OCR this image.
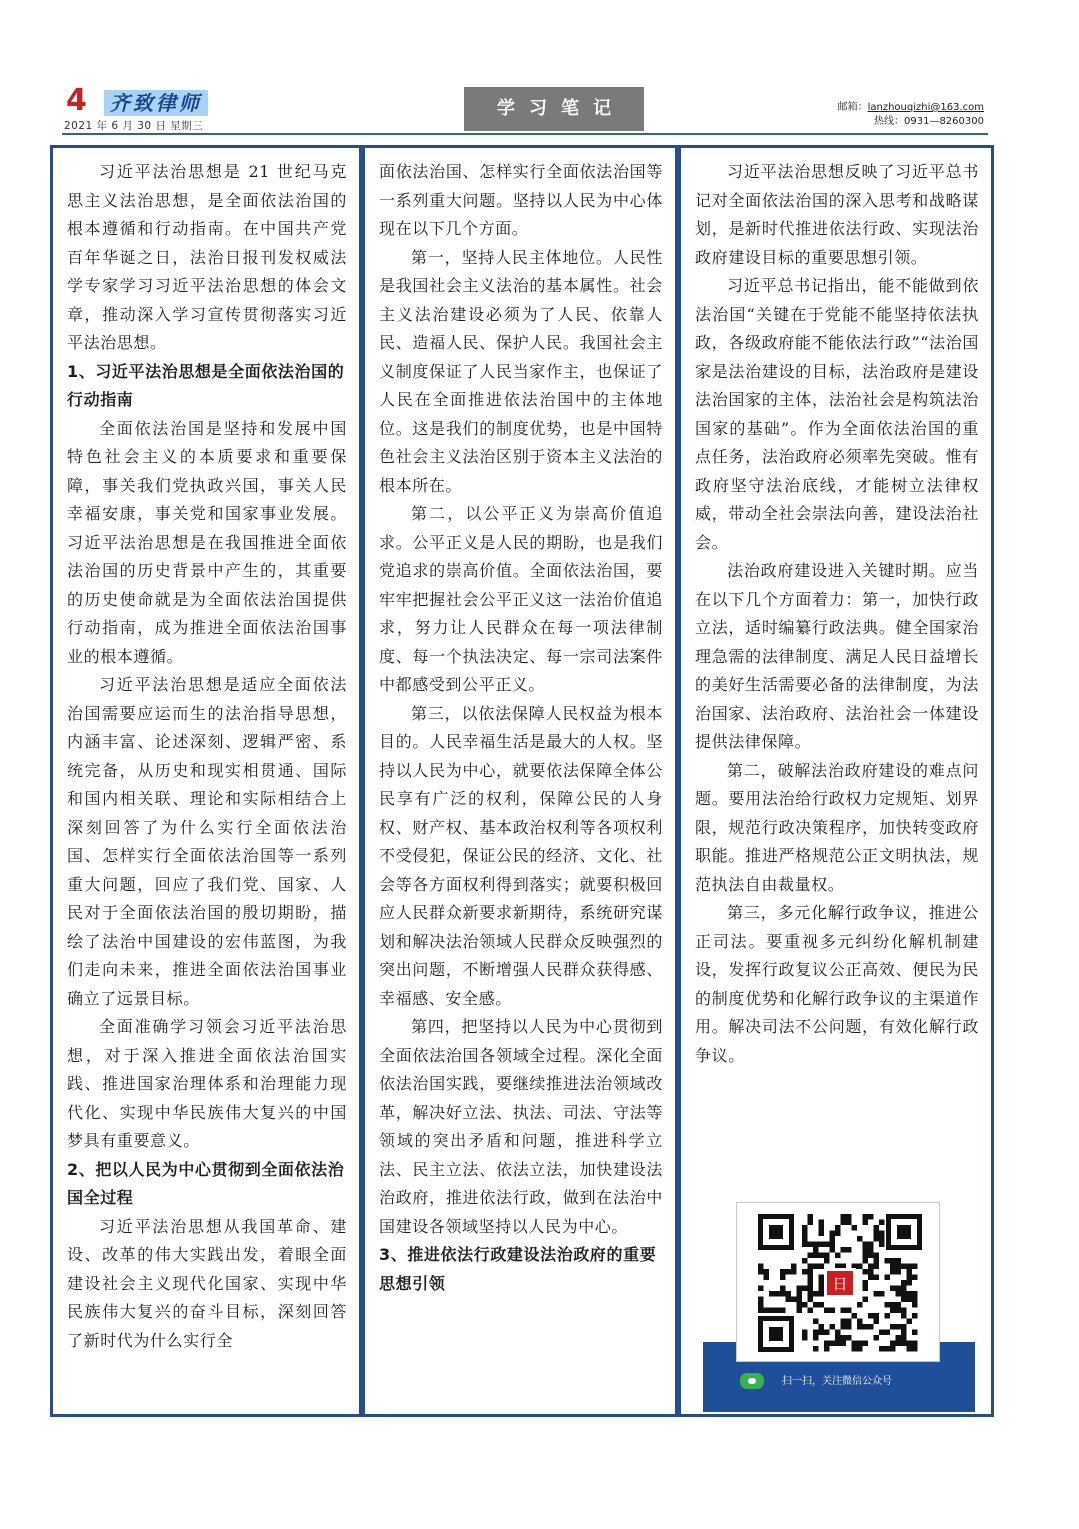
4	齐致律师
2021 年 6 月 30 日 星期三
学习笔记	邮箱：lanzhouqizhi@163.com
热线：0931—8260300

习近平法治思想是 21 世纪马克思主义法治思想，是全面依法治国的根本遵循和行动指南。在中国共产党百年华诞之日，法治日报刊发权威法学专家学习习近平法治思想的体会文章，推动深入学习宣传贯彻落实习近平法治思想。

1、习近平法治思想是全面依法治国的行动指南

全面依法治国是坚持和发展中国特色社会主义的本质要求和重要保障，事关我们党执政兴国，事关人民幸福安康，事关党和国家事业发展。习近平法治思想是在我国推进全面依法治国的历史背景中产生的，其重要的历史使命就是为全面依法治国提供行动指南，成为推进全面依法治国事业的根本遵循。

习近平法治思想是适应全面依法治国需要应运而生的法治指导思想，内涵丰富、论述深刻、逻辑严密、系统完备，从历史和现实相贯通、国际和国内相关联、理论和实际相结合上深刻回答了为什么实行全面依法治国、怎样实行全面依法治国等一系列重大问题，回应了我们党、国家、人民对于全面依法治国的殷切期盼，描绘了法治中国建设的宏伟蓝图，为我们走向未来，推进全面依法治国事业确立了远景目标。

全面准确学习领会习近平法治思想，对于深入推进全面依法治国实践、推进国家治理体系和治理能力现代化、实现中华民族伟大复兴的中国梦具有重要意义。

2、把以人民为中心贯彻到全面依法治国全过程

习近平法治思想从我国革命、建设、改革的伟大实践出发，着眼全面建设社会主义现代化国家、实现中华民族伟大复兴的奋斗目标，深刻回答了新时代为什么实行全

面依法治国、怎样实行全面依法治国等一系列重大问题。坚持以人民为中心体现在以下几个方面。

第一，坚持人民主体地位。人民性是我国社会主义法治的基本属性。社会主义法治建设必须为了人民、依靠人民、造福人民、保护人民。我国社会主义制度保证了人民当家作主，也保证了人民在全面推进依法治国中的主体地位。这是我们的制度优势，也是中国特色社会主义法治区别于资本主义法治的根本所在。

第二，以公平正义为崇高价值追求。公平正义是人民的期盼，也是我们党追求的崇高价值。全面依法治国，要牢牢把握社会公平正义这一法治价值追求，努力让人民群众在每一项法律制度、每一个执法决定、每一宗司法案件中都感受到公平正义。

第三，以依法保障人民权益为根本目的。人民幸福生活是最大的人权。坚持以人民为中心，就要依法保障全体公民享有广泛的权利，保障公民的人身权、财产权、基本政治权利等各项权利不受侵犯，保证公民的经济、文化、社会等各方面权利得到落实；就要积极回应人民群众新要求新期待，系统研究谋划和解决法治领域人民群众反映强烈的突出问题，不断增强人民群众获得感、幸福感、安全感。

第四，把坚持以人民为中心贯彻到全面依法治国各领域全过程。深化全面依法治国实践，要继续推进法治领域改革，解决好立法、执法、司法、守法等领域的突出矛盾和问题，推进科学立法、民主立法、依法立法，加快建设法治政府，推进依法行政，做到在法治中国建设各领域坚持以人民为中心。

3、推进依法行政建设法治政府的重要思想引领

习近平法治思想反映了习近平总书记对全面依法治国的深入思考和战略谋划，是新时代推进依法行政、实现法治政府建设目标的重要思想引领。

习近平总书记指出，能不能做到依法治国“关键在于党能不能坚持依法执政，各级政府能不能依法行政”“法治国家是法治建设的目标，法治政府是建设法治国家的主体，法治社会是构筑法治国家的基础”。作为全面依法治国的重点任务，法治政府必须率先突破。惟有政府坚守法治底线，才能树立法律权威，带动全社会崇法向善，建设法治社会。

法治政府建设进入关键时期。应当在以下几个方面着力：第一，加快行政立法，适时编纂行政法典。健全国家治理急需的法律制度、满足人民日益增长的美好生活需要必备的法律制度，为法治国家、法治政府、法治社会一体建设提供法律保障。

第二，破解法治政府建设的难点问题。要用法治给行政权力定规矩、划界限，规范行政决策程序，加快转变政府职能。推进严格规范公正文明执法，规范执法自由裁量权。

第三，多元化解行政争议，推进公正司法。要重视多元纠纷化解机制建设，发挥行政复议公正高效、便民为民的制度优势和化解行政争议的主渠道作用。解决司法不公问题，有效化解行政争议。

日
扫一扫，关注微信公众号
